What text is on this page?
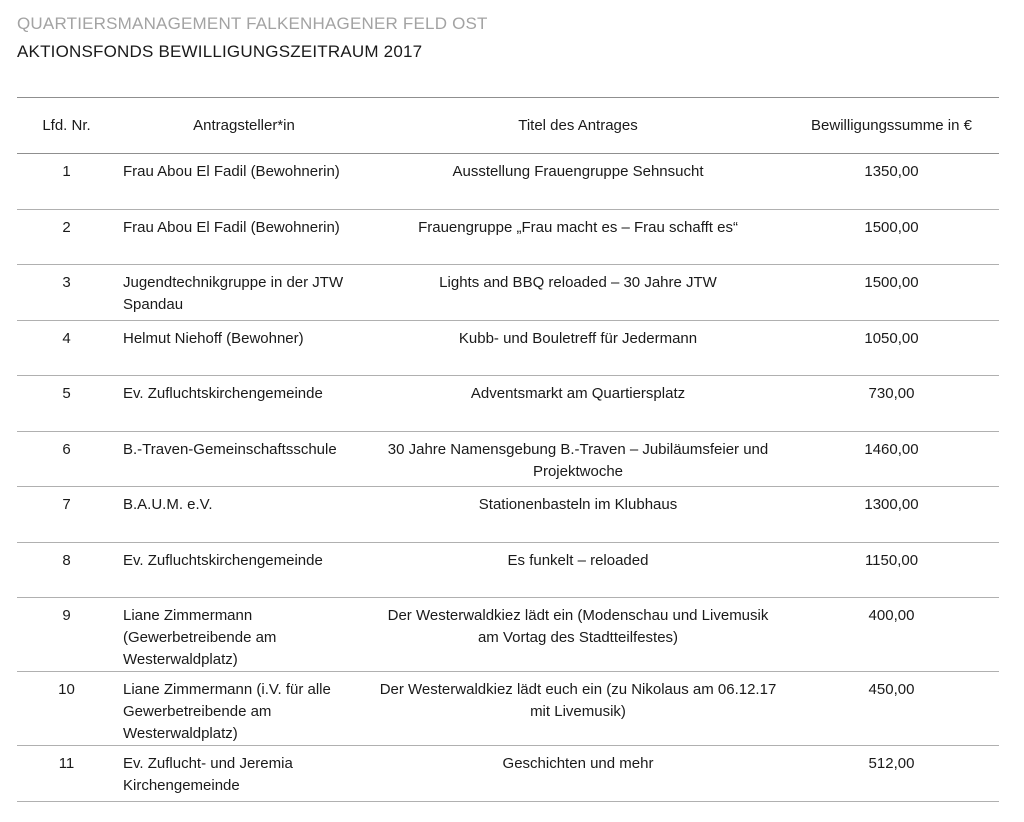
QUARTIERSMANAGEMENT FALKENHAGENER FELD OST
AKTIONSFONDS BEWILLIGUNGSZEITRAUM 2017
Lfd. Nr.	Antragsteller*in	Titel des Antrages	Bewilligungssumme in €
1	Frau Abou El Fadil (Bewohnerin)	Ausstellung Frauengruppe Sehnsucht	1350,00
2	Frau Abou El Fadil (Bewohnerin)	Frauengruppe „Frau macht es – Frau schafft es“	1500,00
3	Jugendtechnikgruppe in der JTW Spandau	Lights and BBQ reloaded – 30 Jahre JTW	1500,00
4	Helmut Niehoff (Bewohner)	Kubb- und Bouletreff für Jedermann	1050,00
5	Ev. Zufluchtskirchengemeinde	Adventsmarkt am Quartiersplatz	730,00
6	B.-Traven-Gemeinschaftsschule	30 Jahre Namensgebung B.-Traven – Jubiläumsfeier und Projektwoche	1460,00
7	B.A.U.M. e.V.	Stationenbasteln im Klubhaus	1300,00
8	Ev. Zufluchtskirchengemeinde	Es funkelt – reloaded	1150,00
9	Liane Zimmermann (Gewerbetreibende am Westerwaldplatz)	Der Westerwaldkiez lädt ein (Modenschau und Livemusik am Vortag des Stadtteilfestes)	400,00
10	Liane Zimmermann (i.V. für alle Gewerbetreibende am Westerwaldplatz)	Der Westerwaldkiez lädt euch ein (zu Nikolaus am 06.12.17 mit Livemusik)	450,00
11	Ev. Zuflucht- und Jeremia Kirchengemeinde	Geschichten und mehr	512,00
